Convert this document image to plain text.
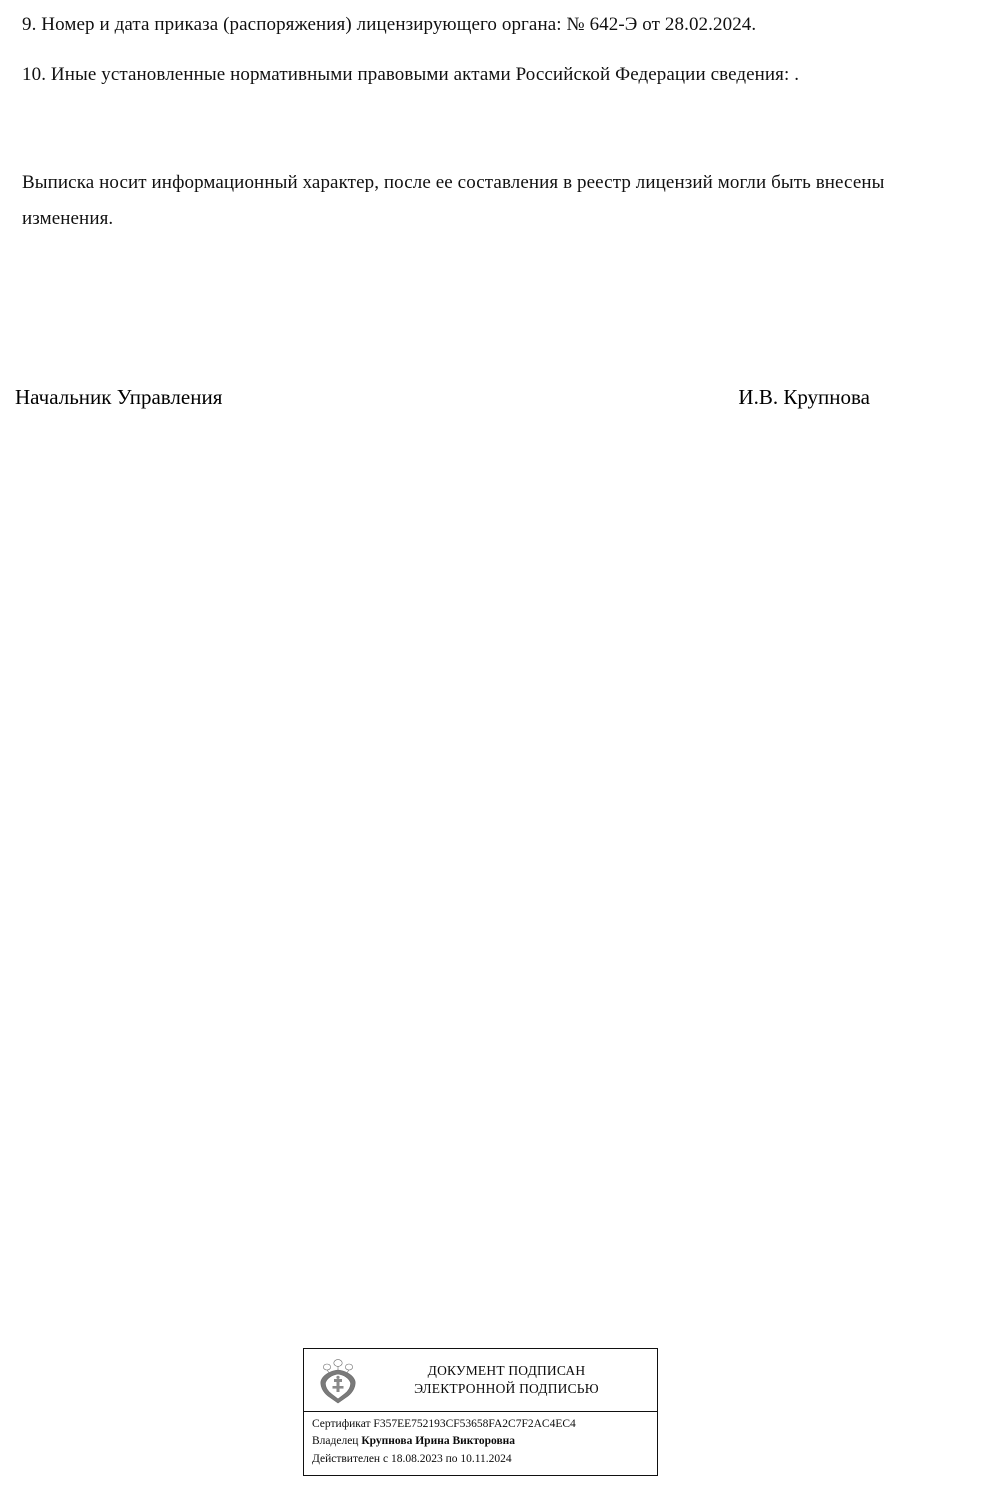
9. Номер и дата приказа (распоряжения) лицензирующего органа: № 642-Э от 28.02.2024.
10. Иные установленные нормативными правовыми актами Российской Федерации сведения: .
Выписка носит информационный характер, после ее составления в реестр лицензий могли быть внесены изменения.
Начальник Управления	И.В. Крупнова
ДОКУМЕНТ ПОДПИСАН
ЭЛЕКТРОННОЙ ПОДПИСЬЮ
Сертификат F357EE752193CF53658FA2C7F2AC4EC4
Владелец Крупнова Ирина Викторовна
Действителен с 18.08.2023 по 10.11.2024
